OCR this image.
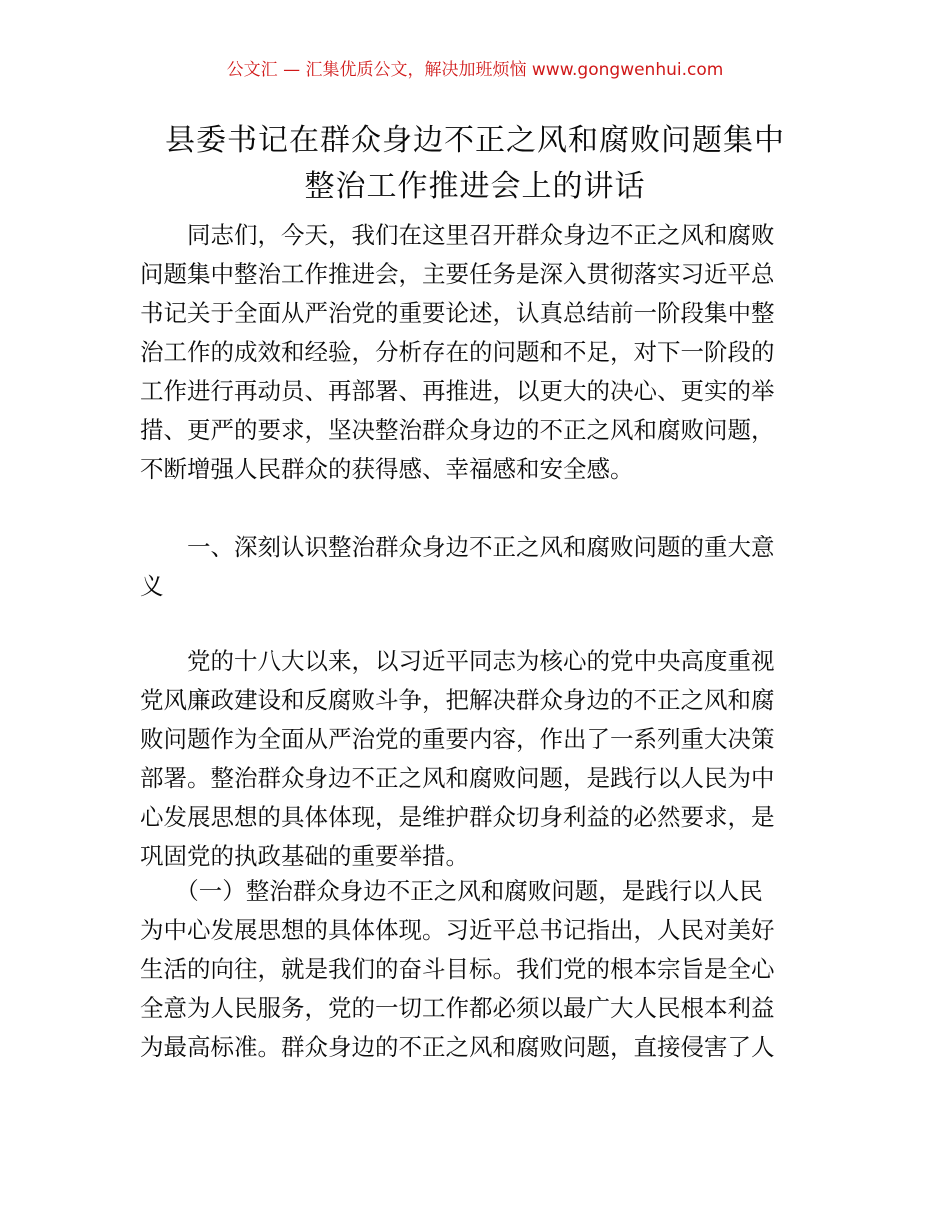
公文汇 — 汇集优质公文，解决加班烦恼 www.gongwenhui.com
县委书记在群众身边不正之风和腐败问题集中
整治工作推进会上的讲话

　　同志们，今天，我们在这里召开群众身边不正之风和腐败
问题集中整治工作推进会，主要任务是深入贯彻落实习近平总
书记关于全面从严治党的重要论述，认真总结前一阶段集中整
治工作的成效和经验，分析存在的问题和不足，对下一阶段的
工作进行再动员、再部署、再推进，以更大的决心、更实的举
措、更严的要求，坚决整治群众身边的不正之风和腐败问题，
不断增强人民群众的获得感、幸福感和安全感。

　　一、深刻认识整治群众身边不正之风和腐败问题的重大意
义

　　党的十八大以来，以习近平同志为核心的党中央高度重视
党风廉政建设和反腐败斗争，把解决群众身边的不正之风和腐
败问题作为全面从严治党的重要内容，作出了一系列重大决策
部署。整治群众身边不正之风和腐败问题，是践行以人民为中
心发展思想的具体体现，是维护群众切身利益的必然要求，是
巩固党的执政基础的重要举措。

　　（一）整治群众身边不正之风和腐败问题，是践行以人民
为中心发展思想的具体体现。习近平总书记指出，人民对美好
生活的向往，就是我们的奋斗目标。我们党的根本宗旨是全心
全意为人民服务，党的一切工作都必须以最广大人民根本利益
为最高标准。群众身边的不正之风和腐败问题，直接侵害了人
